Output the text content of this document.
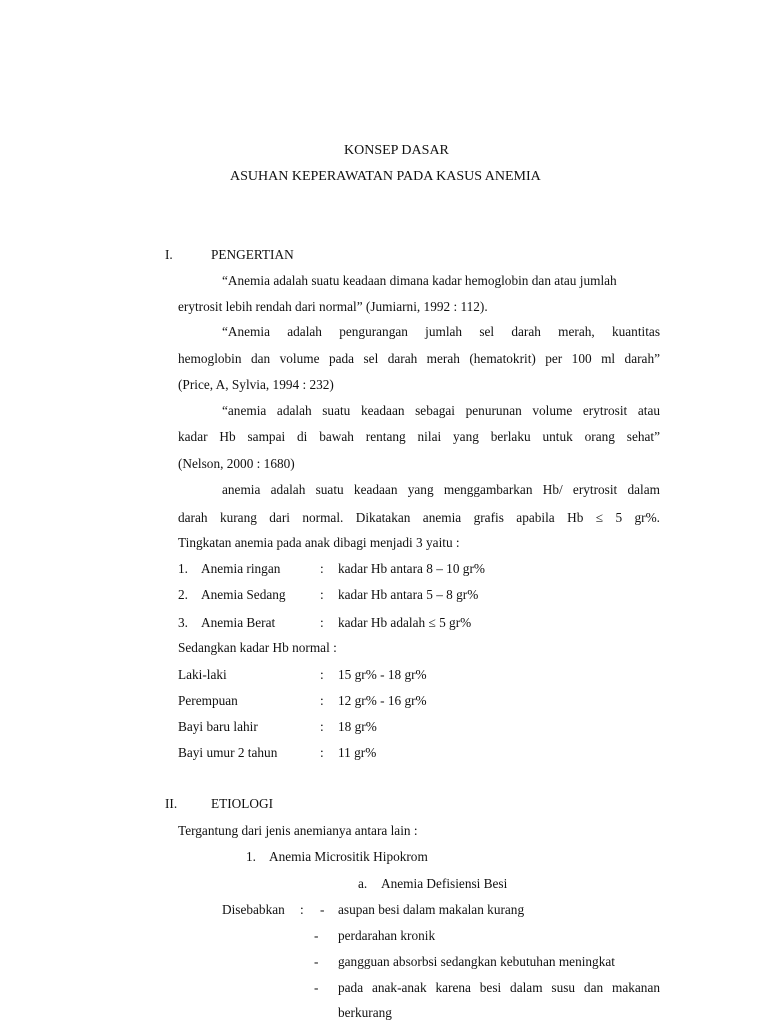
KONSEP DASAR
ASUHAN KEPERAWATAN PADA KASUS ANEMIA
I.	PENGERTIAN
“Anemia adalah suatu keadaan dimana kadar hemoglobin dan atau jumlah
erytrosit lebih rendah dari normal” (Jumiarni, 1992 : 112).
“Anemia adalah pengurangan jumlah sel darah merah, kuantitas
hemoglobin dan volume pada sel darah merah (hematokrit) per 100 ml darah”
(Price, A, Sylvia, 1994 : 232)
“anemia adalah suatu keadaan sebagai penurunan volume erytrosit atau
kadar Hb sampai di bawah rentang nilai yang berlaku untuk orang sehat”
(Nelson, 2000 : 1680)
anemia adalah suatu keadaan yang menggambarkan Hb/ erytrosit dalam
darah kurang dari normal. Dikatakan anemia grafis apabila Hb ≤ 5 gr%.
Tingkatan anemia pada anak dibagi menjadi 3 yaitu :
1. Anemia ringan	: kadar Hb antara 8 – 10 gr%
2. Anemia Sedang	: kadar Hb antara 5 – 8 gr%
3. Anemia Berat	: kadar Hb adalah ≤ 5 gr%
Sedangkan kadar Hb normal :
Laki-laki	: 15 gr% - 18 gr%
Perempuan	: 12 gr% - 16 gr%
Bayi baru lahir	: 18 gr%
Bayi umur 2 tahun	: 11 gr%
II.	ETIOLOGI
Tergantung dari jenis anemianya antara lain :
1. Anemia Micrositik Hipokrom
a. Anemia Defisiensi Besi
Disebabkan : - asupan besi dalam makalan kurang
- perdarahan kronik
- gangguan absorbsi sedangkan kebutuhan meningkat
- pada anak-anak karena besi dalam susu dan makanan
berkurang
